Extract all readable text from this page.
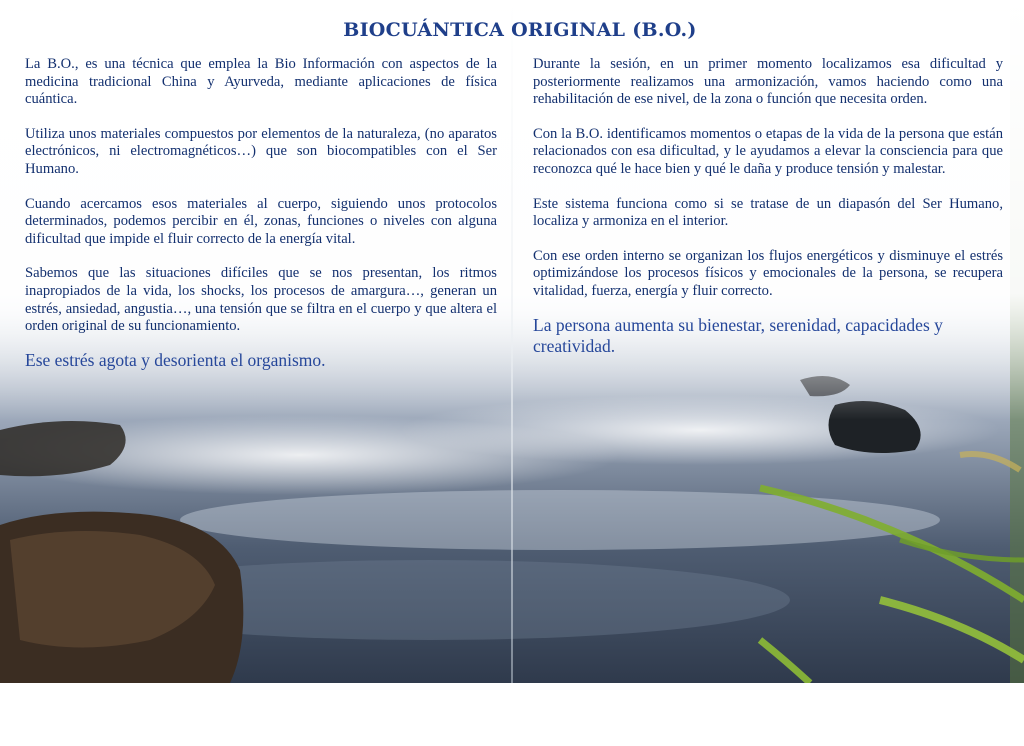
BIOCUÁNTICA ORIGINAL (B.O.)

La B.O., es una técnica que emplea la Bio Información con aspectos de la medicina tradicional China y Ayurveda, mediante aplicaciones de física cuántica.

Utiliza unos materiales compuestos por elementos de la naturaleza, (no aparatos electrónicos, ni electromagnéticos…) que son biocompatibles con el Ser Humano.

Cuando acercamos esos materiales al cuerpo, siguiendo unos protocolos determinados, podemos percibir en él, zonas, funciones o niveles con alguna dificultad que impide el fluir correcto de la energía vital.

Sabemos que las situaciones difíciles que se nos presentan, los ritmos inapropiados de la vida, los shocks, los procesos de amargura…, generan un estrés, ansiedad, angustia…, una tensión que se filtra en el cuerpo y que altera el orden original de su funcionamiento.

Ese estrés agota y desorienta el organismo.

Durante la sesión, en un primer momento localizamos esa dificultad y posteriormente realizamos una armonización, vamos haciendo como una rehabilitación de ese nivel, de la zona o función que necesita orden.

Con la B.O. identificamos momentos o etapas de la vida de la persona que están relacionados con esa dificultad, y le ayudamos a elevar la consciencia para que reconozca qué le hace bien y qué le daña y produce tensión y malestar.

Este sistema funciona como si se tratase de un diapasón del Ser Humano, localiza y armoniza en el interior.

Con ese orden interno se organizan los flujos energéticos y disminuye el estrés optimizándose los procesos físicos y emocionales de la persona, se recupera vitalidad, fuerza, energía y fluir correcto.

La persona aumenta su bienestar, serenidad, capacidades y creatividad.
